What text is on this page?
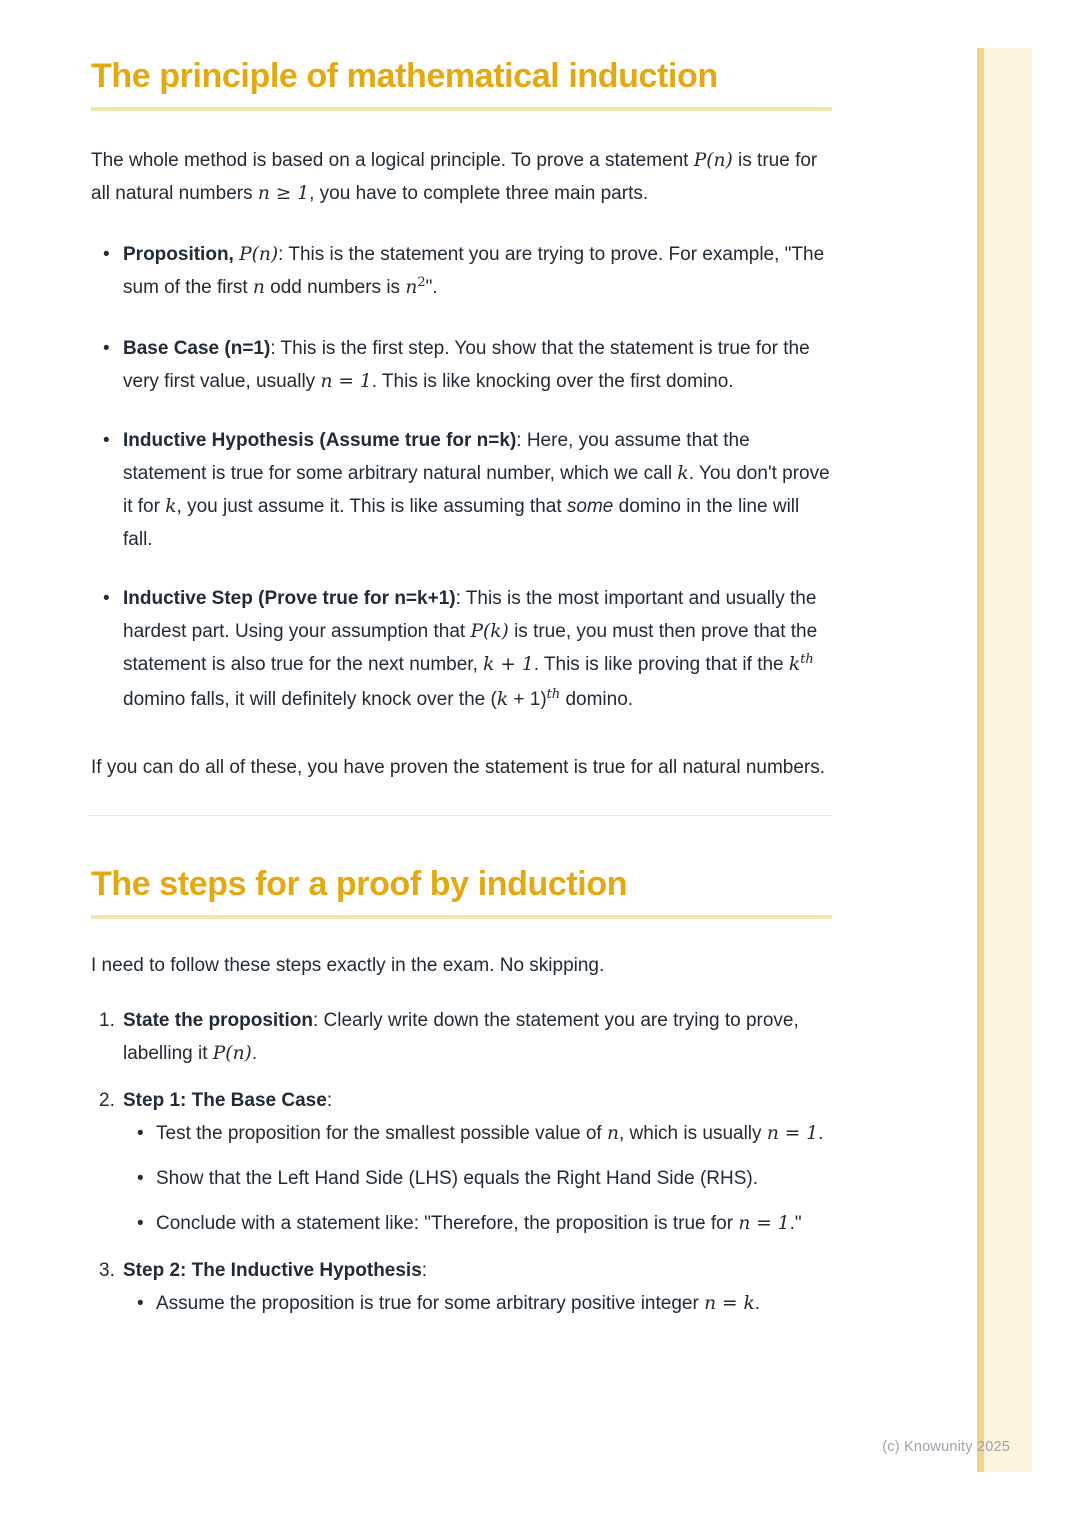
The principle of mathematical induction

The whole method is based on a logical principle. To prove a statement P(n) is true for all natural numbers n ≥ 1, you have to complete three main parts.

• Proposition, P(n): This is the statement you are trying to prove. For example, "The sum of the first n odd numbers is $n^2$".
• Base Case (n=1): This is the first step. You show that the statement is true for the very first value, usually n = 1. This is like knocking over the first domino.
• Inductive Hypothesis (Assume true for n=k): Here, you assume that the statement is true for some arbitrary natural number, which we call k. You don't prove it for k, you just assume it. This is like assuming that some domino in the line will fall.
• Inductive Step (Prove true for n=k+1): This is the most important and usually the hardest part. Using your assumption that P(k) is true, you must then prove that the statement is also true for the next number, k + 1. This is like proving that if the $k^{th}$ domino falls, it will definitely knock over the $(k + 1)^{th}$ domino.

If you can do all of these, you have proven the statement is true for all natural numbers.

The steps for a proof by induction

I need to follow these steps exactly in the exam. No skipping.

State the proposition: Clearly write down the statement you are trying to prove, labelling it P(n).
Step 1: The Base Case:
• Test the proposition for the smallest possible value of n, which is usually n = 1.
• Show that the Left Hand Side (LHS) equals the Right Hand Side (RHS).
• Conclude with a statement like: "Therefore, the proposition is true for n = 1."
Step 2: The Inductive Hypothesis:
• Assume the proposition is true for some arbitrary positive integer n = k.
(c) Knowunity 2025
